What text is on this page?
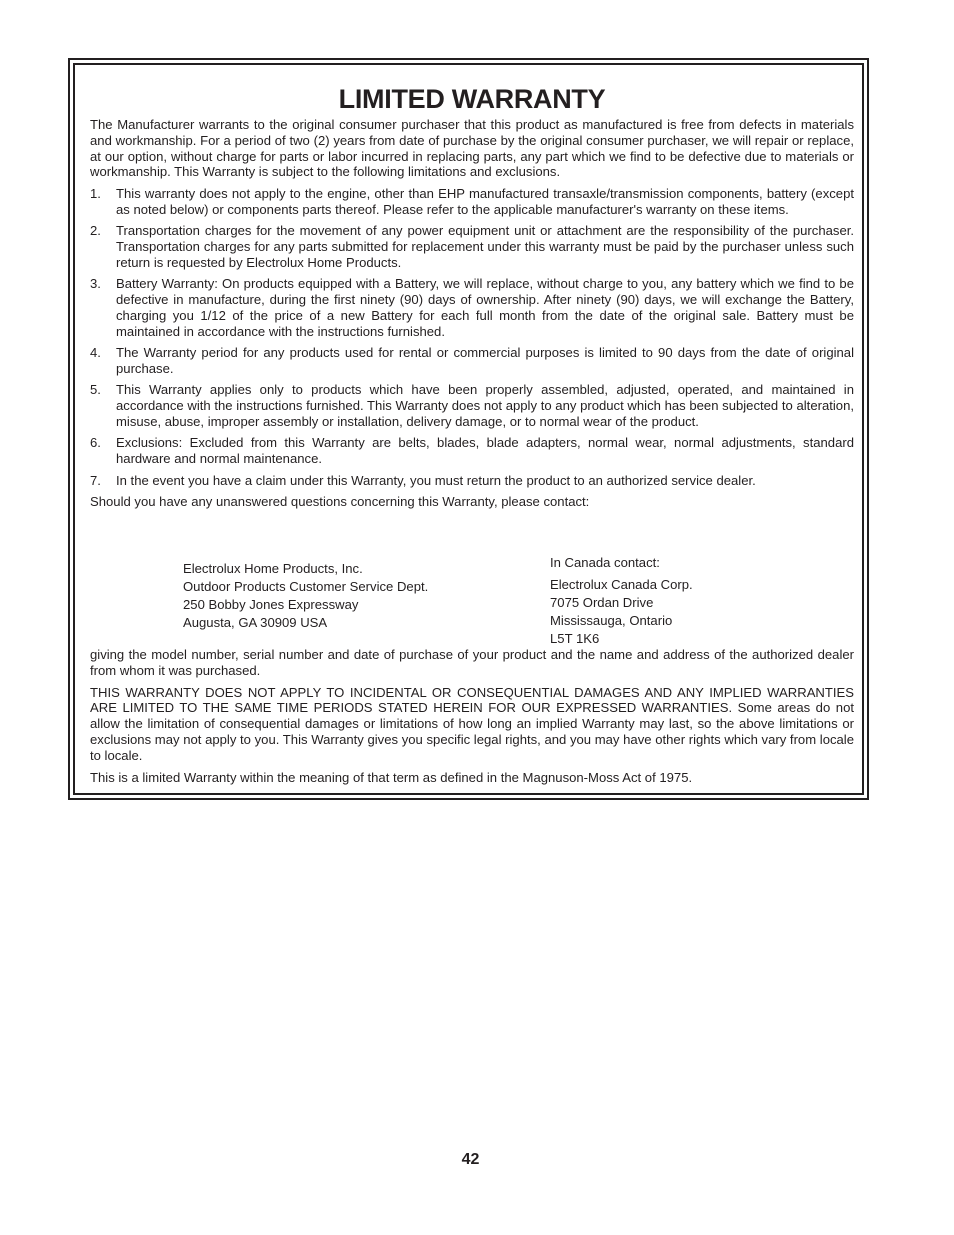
LIMITED WARRANTY

The Manufacturer warrants to the original consumer purchaser that this product as manufactured is free from defects in materials and workmanship. For a period of two (2) years from date of purchase by the original consumer purchaser, we will repair or replace, at our option, without charge for parts or labor incurred in replacing parts, any part which we find to be defective due to materials or workmanship. This Warranty is subject to the following limitations and exclusions.

1. This warranty does not apply to the engine, other than EHP manufactured transaxle/transmission components, battery (except as noted below) or components parts thereof. Please refer to the applicable manufacturer's warranty on these items.
2. Transportation charges for the movement of any power equipment unit or attachment are the responsibility of the purchaser. Transportation charges for any parts submitted for replacement under this warranty must be paid by the purchaser unless such return is requested by Electrolux Home Products.
3. Battery Warranty: On products equipped with a Battery, we will replace, without charge to you, any battery which we find to be defective in manufacture, during the first ninety (90) days of ownership. After ninety (90) days, we will exchange the Battery, charging you 1/12 of the price of a new Battery for each full month from the date of the original sale. Battery must be maintained in accordance with the instructions furnished.
4. The Warranty period for any products used for rental or commercial purposes is limited to 90 days from the date of original purchase.
5. This Warranty applies only to products which have been properly assembled, adjusted, operated, and maintained in accordance with the instructions furnished. This Warranty does not apply to any product which has been subjected to alteration, misuse, abuse, improper assembly or installation, delivery damage, or to normal wear of the product.
6. Exclusions: Excluded from this Warranty are belts, blades, blade adapters, normal wear, normal adjustments, standard hardware and normal maintenance.
7. In the event you have a claim under this Warranty, you must return the product to an authorized service dealer.

Should you have any unanswered questions concerning this Warranty, please contact:

Electrolux Home Products, Inc.
Outdoor Products Customer Service Dept.
250 Bobby Jones Expressway
Augusta, GA 30909 USA
In Canada contact:
Electrolux Canada Corp.
7075 Ordan Drive
Mississauga, Ontario
L5T 1K6

giving the model number, serial number and date of purchase of your product and the name and address of the authorized dealer from whom it was purchased.

THIS WARRANTY DOES NOT APPLY TO INCIDENTAL OR CONSEQUENTIAL DAMAGES AND ANY IMPLIED WARRANTIES ARE LIMITED TO THE SAME TIME PERIODS STATED HEREIN FOR OUR EXPRESSED WARRANTIES. Some areas do not allow the limitation of consequential damages or limitations of how long an implied Warranty may last, so the above limitations or exclusions may not apply to you. This Warranty gives you specific legal rights, and you may have other rights which vary from locale to locale.

This is a limited Warranty within the meaning of that term as defined in the Magnuson-Moss Act of 1975.

42
